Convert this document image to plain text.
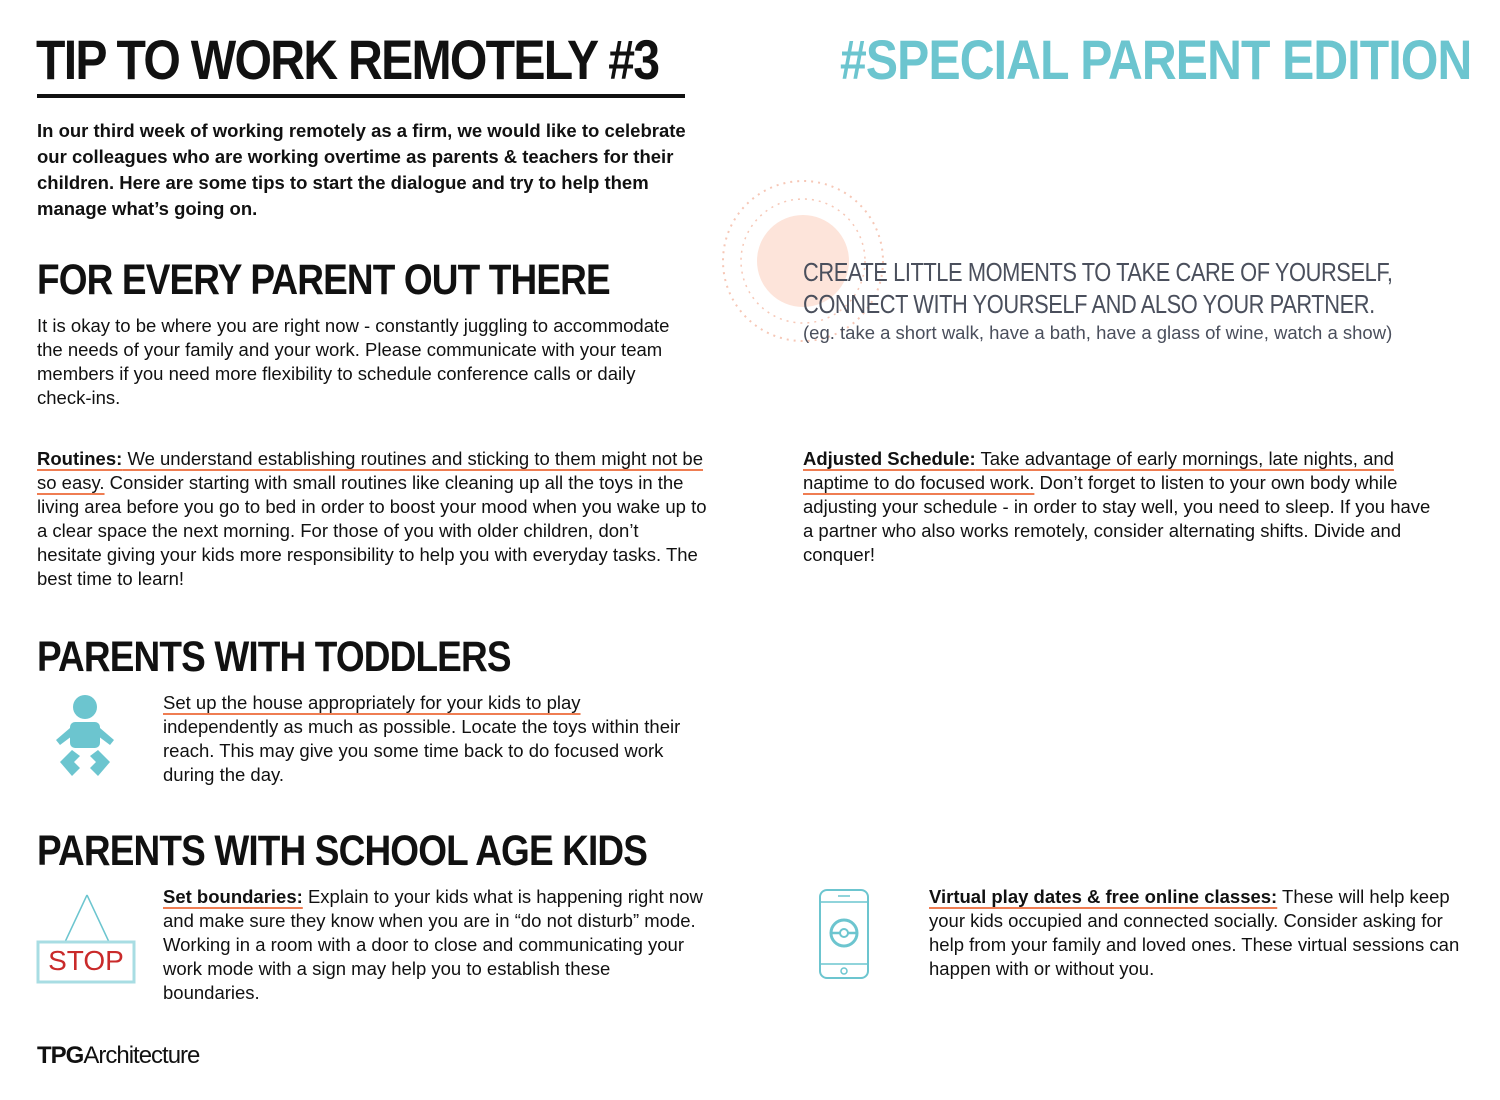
TIP TO WORK REMOTELY #3	#SPECIAL PARENT EDITION
In our third week of working remotely as a firm, we would like to celebrate our colleagues who are working overtime as parents & teachers for their children. Here are some tips to start the dialogue and try to help them manage what’s going on.
FOR EVERY PARENT OUT THERE
It is okay to be where you are right now - constantly juggling to accommodate the needs of your family and your work. Please communicate with your team members if you need more flexibility to schedule conference calls or daily check-ins.
CREATE LITTLE MOMENTS TO TAKE CARE OF YOURSELF,
CONNECT WITH YOURSELF AND ALSO YOUR PARTNER.
(eg. take a short walk, have a bath, have a glass of wine, watch a show)
Routines: We understand establishing routines and sticking to them might not be so easy. Consider starting with small routines like cleaning up all the toys in the living area before you go to bed in order to boost your mood when you wake up to a clear space the next morning. For those of you with older children, don’t hesitate giving your kids more responsibility to help you with everyday tasks. The best time to learn!
Adjusted Schedule: Take advantage of early mornings, late nights, and naptime to do focused work. Don’t forget to listen to your own body while adjusting your schedule - in order to stay well, you need to sleep. If you have a partner who also works remotely, consider alternating shifts. Divide and conquer!
PARENTS WITH TODDLERS
Set up the house appropriately for your kids to play independently as much as possible. Locate the toys within their reach. This may give you some time back to do focused work during the day.
PARENTS WITH SCHOOL AGE KIDS
STOP
Set boundaries: Explain to your kids what is happening right now and make sure they know when you are in “do not disturb” mode. Working in a room with a door to close and communicating your work mode with a sign may help you to establish these boundaries.
Virtual play dates & free online classes: These will help keep your kids occupied and connected socially. Consider asking for help from your family and loved ones. These virtual sessions can happen with or without you.
TPGArchitecture
